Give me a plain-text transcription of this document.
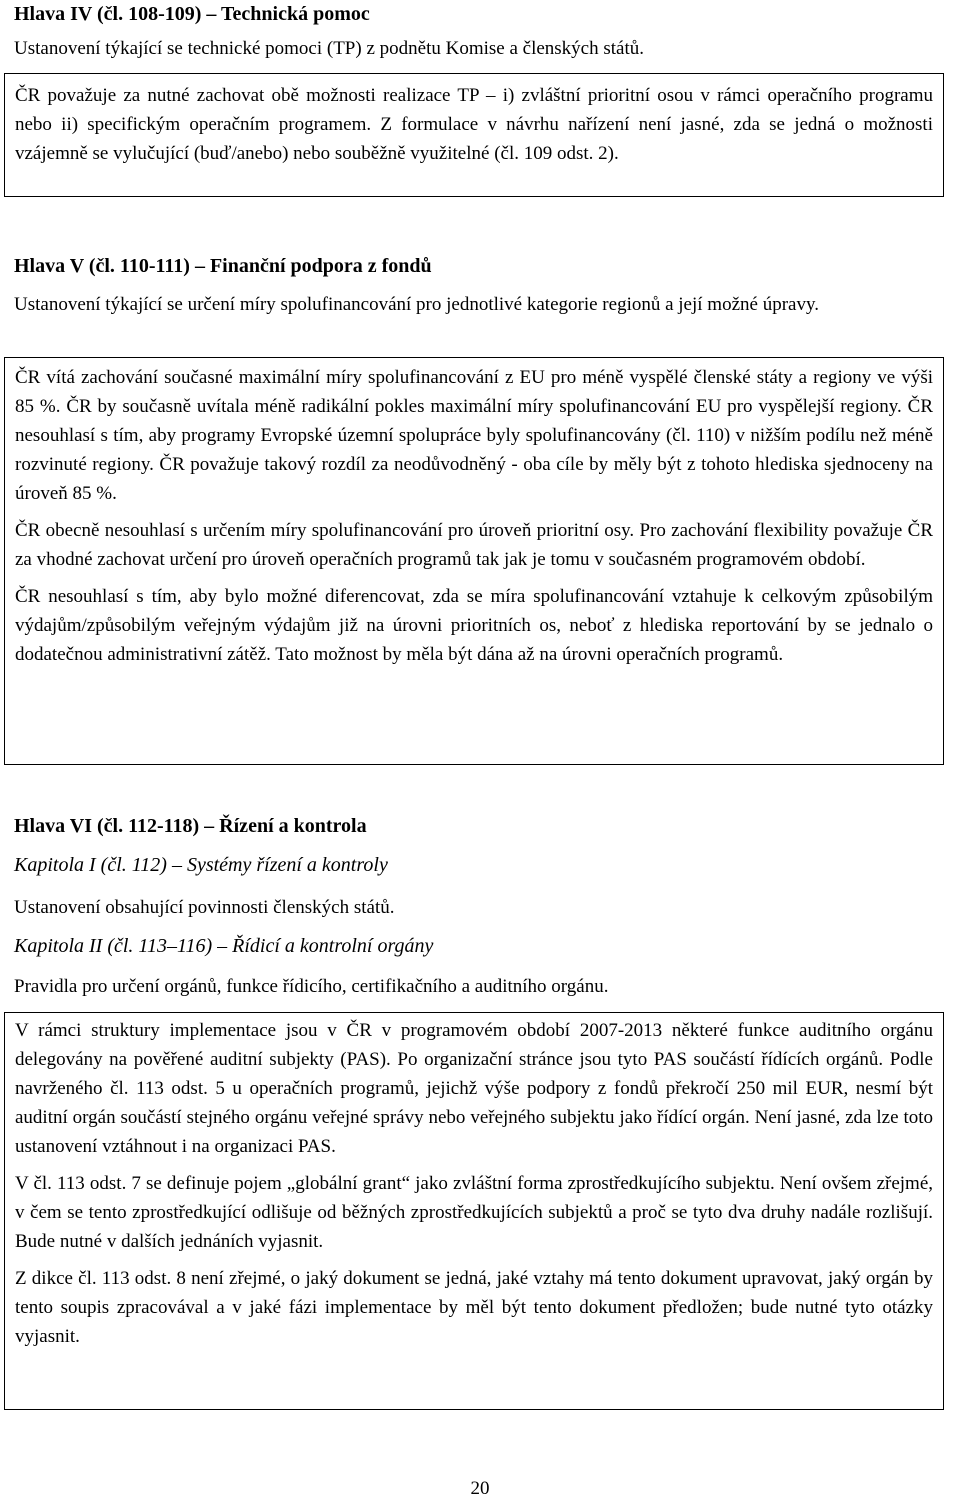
Hlava IV (čl. 108-109) – Technická pomoc

Ustanovení týkající se technické pomoci (TP) z podnětu Komise a členských států.

ČR považuje za nutné zachovat obě možnosti realizace TP – i) zvláštní prioritní osou v rámci operačního programu nebo ii) specifickým operačním programem. Z formulace v návrhu nařízení není jasné, zda se jedná o možnosti vzájemně se vylučující (buď/anebo) nebo souběžně využitelné (čl. 109 odst. 2).

Hlava V (čl. 110-111) – Finanční podpora z fondů

Ustanovení týkající se určení míry spolufinancování pro jednotlivé kategorie regionů a její možné úpravy.

ČR vítá zachování současné maximální míry spolufinancování z EU pro méně vyspělé členské státy a regiony ve výši 85 %. ČR by současně uvítala méně radikální pokles maximální míry spolufinancování EU pro vyspělejší regiony. ČR nesouhlasí s tím, aby programy Evropské územní spolupráce byly spolufinancovány (čl. 110) v nižším podílu než méně rozvinuté regiony. ČR považuje takový rozdíl za neodůvodněný - oba cíle by měly být z tohoto hlediska sjednoceny na úroveň 85 %.

ČR obecně nesouhlasí s určením míry spolufinancování pro úroveň prioritní osy. Pro zachování flexibility považuje ČR za vhodné zachovat určení pro úroveň operačních programů tak jak je tomu v současném programovém období.

ČR nesouhlasí s tím, aby bylo možné diferencovat, zda se míra spolufinancování vztahuje k celkovým způsobilým výdajům/způsobilým veřejným výdajům již na úrovni prioritních os, neboť z hlediska reportování by se jednalo o dodatečnou administrativní zátěž. Tato možnost by měla být dána až na úrovni operačních programů.

Hlava VI (čl. 112-118) – Řízení a kontrola

Kapitola I (čl. 112) – Systémy řízení a kontroly

Ustanovení obsahující povinnosti členských států.

Kapitola II (čl. 113–116) – Řídicí a kontrolní orgány

Pravidla pro určení orgánů, funkce řídicího, certifikačního a auditního orgánu.

V rámci struktury implementace jsou v ČR v programovém období 2007-2013 některé funkce auditního orgánu delegovány na pověřené auditní subjekty (PAS). Po organizační stránce jsou tyto PAS součástí řídících orgánů. Podle navrženého čl. 113 odst. 5 u operačních programů, jejichž výše podpory z fondů překročí 250 mil EUR, nesmí být auditní orgán součástí stejného orgánu veřejné správy nebo veřejného subjektu jako řídící orgán. Není jasné, zda lze toto ustanovení vztáhnout i na organizaci PAS.

V čl. 113 odst. 7 se definuje pojem „globální grant“ jako zvláštní forma zprostředkujícího subjektu. Není ovšem zřejmé, v čem se tento zprostředkující odlišuje od běžných zprostředkujících subjektů a proč se tyto dva druhy nadále rozlišují. Bude nutné v dalších jednáních vyjasnit.

Z dikce čl. 113 odst. 8 není zřejmé, o jaký dokument se jedná, jaké vztahy má tento dokument upravovat, jaký orgán by tento soupis zpracovával a v jaké fázi implementace by měl být tento dokument předložen; bude nutné tyto otázky vyjasnit.

20
